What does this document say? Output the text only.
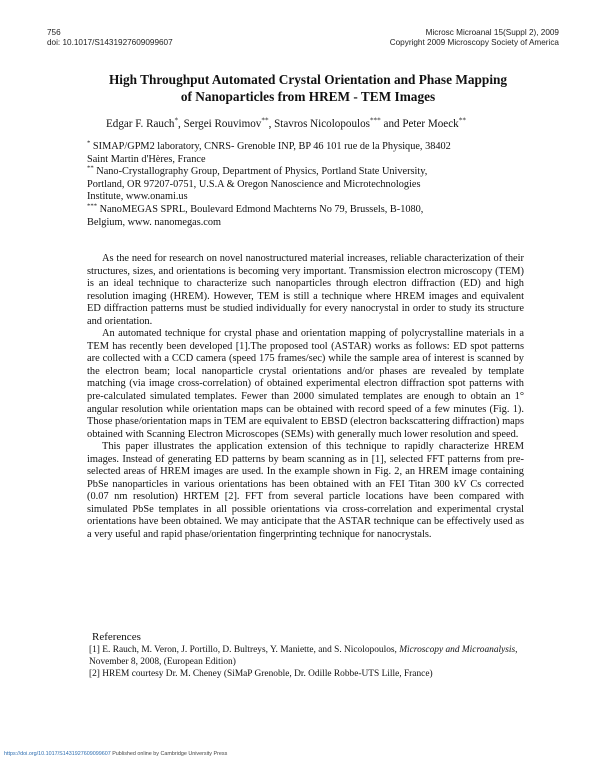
756
doi: 10.1017/S1431927609099607
Microsc Microanal 15(Suppl 2), 2009
Copyright 2009 Microscopy Society of America
High Throughput Automated Crystal Orientation and Phase Mapping
of Nanoparticles from HREM - TEM Images
Edgar F. Rauch*, Sergei Rouvimov**, Stavros Nicolopoulos*** and Peter Moeck**
* SIMAP/GPM2 laboratory, CNRS- Grenoble INP, BP 46 101 rue de la Physique, 38402
Saint Martin d'Hères, France
** Nano-Crystallography Group, Department of Physics, Portland State University,
Portland, OR 97207-0751, U.S.A & Oregon Nanoscience and Microtechnologies
Institute, www.onami.us
*** NanoMEGAS SPRL, Boulevard Edmond Machterns No 79, Brussels, B-1080,
Belgium, www. nanomegas.com

As the need for research on novel nanostructured material increases, reliable characterization of their structures, sizes, and orientations is becoming very important. Transmission electron microscopy (TEM) is an ideal technique to characterize such nanoparticles through electron diffraction (ED) and high resolution imaging (HREM). However, TEM is still a technique where HREM images and equivalent ED diffraction patterns must be studied individually for every nanocrystal in order to study its structure and orientation.

An automated technique for crystal phase and orientation mapping of polycrystalline materials in a TEM has recently been developed [1].The proposed tool (ASTAR) works as follows: ED spot patterns are collected with a CCD camera (speed 175 frames/sec) while the sample area of interest is scanned by the electron beam; local nanoparticle crystal orientations and/or phases are revealed by template matching (via image cross-correlation) of obtained experimental electron diffraction spot patterns with pre-calculated simulated templates. Fewer than 2000 simulated templates are enough to obtain an 1° angular resolution while orientation maps can be obtained with record speed of a few minutes (Fig. 1). Those phase/orientation maps in TEM are equivalent to EBSD (electron backscattering diffraction) maps obtained with Scanning Electron Microscopes (SEMs) with generally much lower resolution and speed.

This paper illustrates the application extension of this technique to rapidly characterize HREM images. Instead of generating ED patterns by beam scanning as in [1], selected FFT patterns from pre-selected areas of HREM images are used. In the example shown in Fig. 2, an HREM image containing PbSe nanoparticles in various orientations has been obtained with an FEI Titan 300 kV Cs corrected (0.07 nm resolution) HRTEM [2]. FFT from several particle locations have been compared with simulated PbSe templates in all possible orientations via cross-correlation and experimental crystal orientations have been obtained. We may anticipate that the ASTAR technique can be effectively used as a very useful and rapid phase/orientation fingerprinting technique for nanocrystals.

References
[1] E. Rauch, M. Veron, J. Portillo, D. Bultreys, Y. Maniette, and S. Nicolopoulos, Microscopy and Microanalysis, November 8, 2008, (European Edition)
[2] HREM courtesy Dr. M. Cheney (SiMaP Grenoble, Dr. Odille Robbe-UTS Lille, France)
https://doi.org/10.1017/S1431927609099607 Published online by Cambridge University Press
